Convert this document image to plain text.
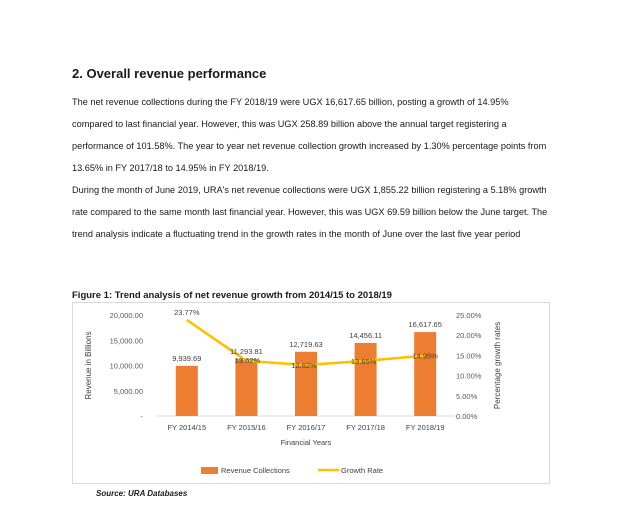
2. Overall revenue performance

The net revenue collections during the FY 2018/19 were UGX 16,617.65 billion, posting a growth of 14.95% compared to last financial year. However, this was UGX 258.89 billion above the annual target registering a performance of 101.58%. The year to year net revenue collection growth increased by 1.30% percentage points from 13.65% in FY 2017/18 to 14.95% in FY 2018/19.

During the month of June 2019, URA's net revenue collections were UGX 1,855.22 billion registering a 5.18% growth rate compared to the same month last financial year. However, this was UGX 69.59 billion below the June target. The trend analysis indicate a fluctuating trend in the growth rates in the month of June over the last five year period

Figure 1: Trend analysis of net revenue growth from 2014/15 to 2018/19

-
5,000.00
10,000.00
15,000.00
20,000.00
0.00%
5.00%
10.00%
15.00%
20.00%
25.00%
9,939.69
11,293.81
12,719.63
14,456.11
16,617.65
23.77%
13.62%
12.62%	13.65%
14.95%
FY 2014/15	FY 2015/16	FY 2016/17	FY 2017/18	FY 2018/19
Financial Years
Revenue in Billions	Percentage growth rates
Revenue Collections	Growth Rate

Source: URA Databases
